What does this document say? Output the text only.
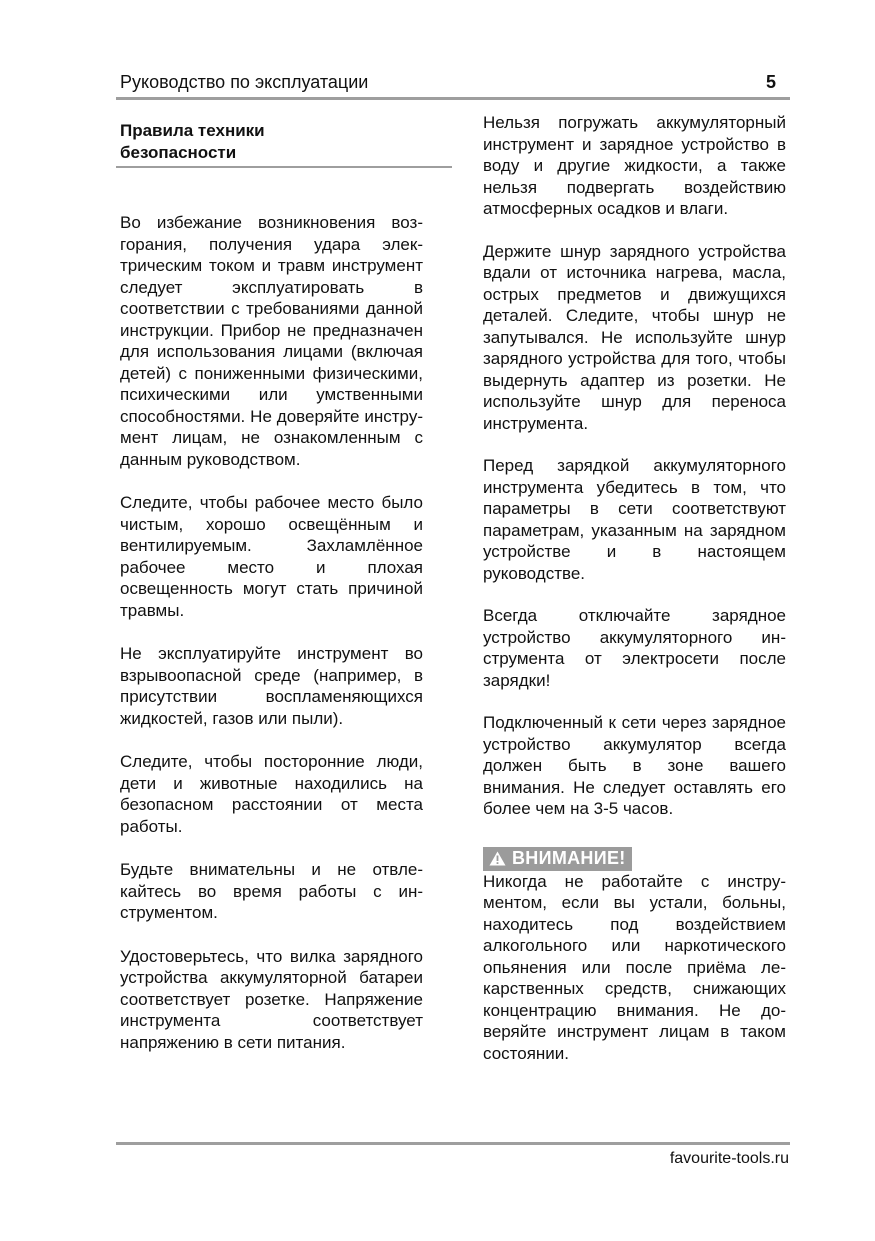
Руководство по эксплуатации	5
Правила техники
безопасности

Во избежание возникновения возгорания, получения удара электрическим током и травм инструмент следует эксплуатировать в соответствии с требованиями данной инструкции. Прибор не предназначен для использования лицами (включая детей) с пониженными физическими, психическими или умственными способностями. Не доверяйте инструмент лицам, не ознакомленным с данным руководством.

Следите, чтобы рабочее место было чистым, хорошо освещённым и вентилируемым. Захламлённое рабочее место и плохая освещенность могут стать причиной травмы.

Не эксплуатируйте инструмент во взрывоопасной среде (например, в присутствии воспламеняющихся жидкостей, газов или пыли).

Следите, чтобы посторонние люди, дети и животные находились на безопасном расстоянии от места работы.

Будьте внимательны и не отвлекайтесь во время работы с инструментом.

Удостоверьтесь, что вилка зарядного устройства аккумуляторной батареи соответствует розетке. Напряжение инструмента соответствует напряжению в сети питания.

Нельзя погружать аккумуляторный инструмент и зарядное устройство в воду и другие жидкости, а также нельзя подвергать воздействию атмосферных осадков и влаги.

Держите шнур зарядного устройства вдали от источника нагрева, масла, острых предметов и движущихся деталей. Следите, чтобы шнур не запутывался. Не используйте шнур зарядного устройства для того, чтобы выдернуть адаптер из розетки. Не используйте шнур для переноса инструмента.

Перед зарядкой аккумуляторного инструмента убедитесь в том, что параметры в сети соответствуют параметрам, указанным на зарядном устройстве и в настоящем руководстве.

Всегда отключайте зарядное устройство аккумуляторного инструмента от электросети после зарядки!

Подключенный к сети через зарядное устройство аккумулятор всегда должен быть в зоне вашего внимания. Не следует оставлять его более чем на 3-5 часов.

ВНИМАНИЕ!

Никогда не работайте с инструментом, если вы устали, больны, находитесь под воздействием алкогольного или наркотического опьянения или после приёма лекарственных средств, снижающих концентрацию внимания. Не доверяйте инструмент лицам в таком состоянии.

favourite-tools.ru
